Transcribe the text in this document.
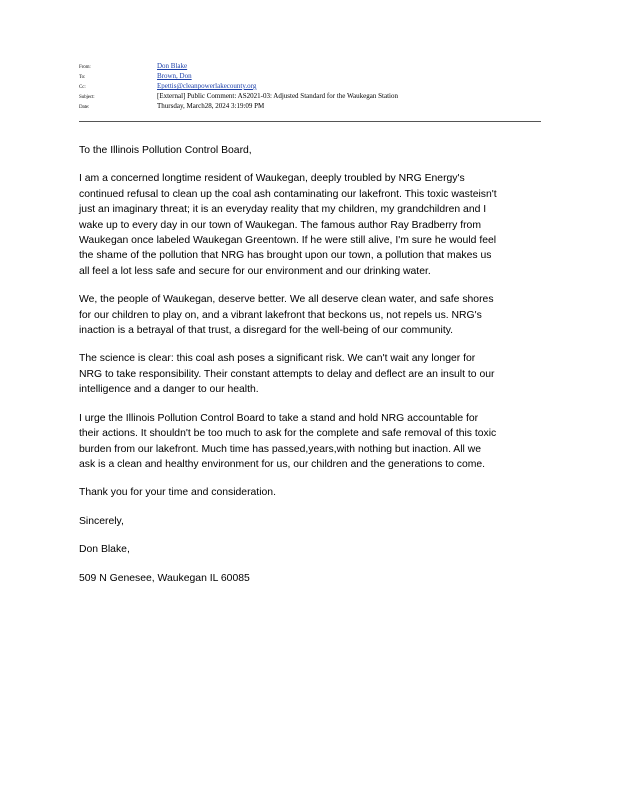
From:	Don Blake
To:	Brown, Don
Cc:	Epettis@cleanpowerlakecounty.org
Subject:	[External] Public Comment: AS2021-03: Adjusted Standard for the Waukegan Station
Date:	Thursday, March28, 2024 3:19:09 PM

To the Illinois Pollution Control Board,

I am a concerned longtime resident of Waukegan, deeply troubled by NRG Energy's
continued refusal to clean up the coal ash contaminating our lakefront. This toxic wasteisn't
just an imaginary threat; it is an everyday reality that my children, my grandchildren and I
wake up to every day in our town of Waukegan. The famous author Ray Bradberry from
Waukegan once labeled Waukegan Greentown. If he were still alive, I'm sure he would feel
the shame of the pollution that NRG has brought upon our town, a pollution that makes us
all feel a lot less safe and secure for our environment and our drinking water.

We, the people of Waukegan, deserve better. We all deserve clean water, and safe shores
for our children to play on, and a vibrant lakefront that beckons us, not repels us. NRG's
inaction is a betrayal of that trust, a disregard for the well-being of our community.

The science is clear: this coal ash poses a significant risk. We can't wait any longer for
NRG to take responsibility. Their constant attempts to delay and deflect are an insult to our
intelligence and a danger to our health.

I urge the Illinois Pollution Control Board to take a stand and hold NRG accountable for
their actions. It shouldn't be too much to ask for the complete and safe removal of this toxic
burden from our lakefront. Much time has passed,years,with nothing but inaction. All we
ask is a clean and healthy environment for us, our children and the generations to come.

Thank you for your time and consideration.

Sincerely,

Don Blake,

509 N Genesee, Waukegan IL 60085
